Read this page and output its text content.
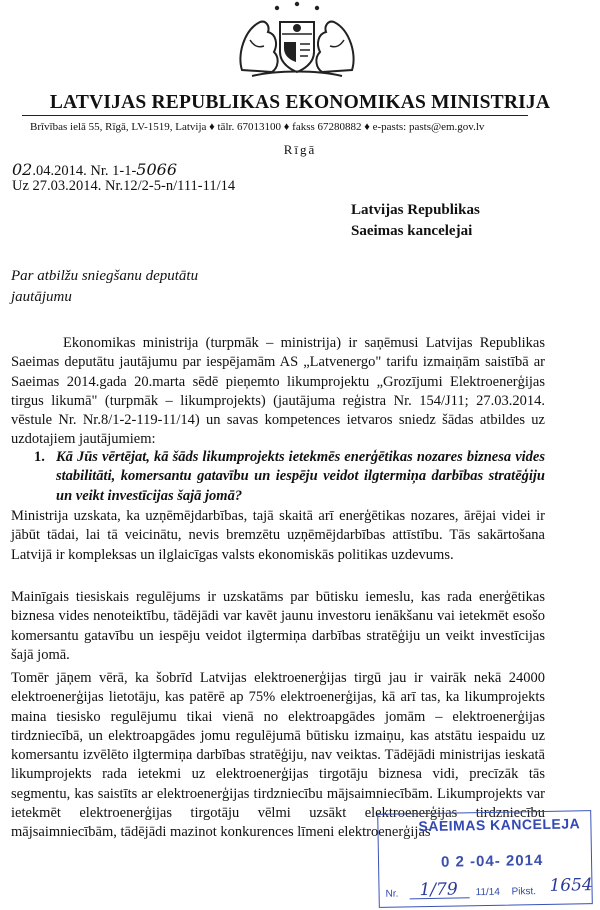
LATVIJAS REPUBLIKAS EKONOMIKAS MINISTRIJA
Brīvības ielā 55, Rīgā, LV-1519, Latvija ♦ tālr. 67013100 ♦ fakss 67280882 ♦ e-pasts: pasts@em.gov.lv
Rīgā
02.04.2014. Nr. 1-1-5066
Uz 27.03.2014. Nr.12/2-5-n/111-11/14
Latvijas Republikas
Saeimas kancelejai
Par atbilžu sniegšanu deputātu
jautājumu
Ekonomikas ministrija (turpmāk – ministrija) ir saņēmusi Latvijas Republikas Saeimas deputātu jautājumu par iespējamām AS „Latvenergo" tarifu izmaiņām saistībā ar Saeimas 2014.gada 20.marta sēdē pieņemto likumprojektu „Grozījumi Elektroenerģijas tirgus likumā" (turpmāk – likumprojekts) (jautājuma reģistra Nr. 154/J11; 27.03.2014. vēstule Nr. Nr.8/1-2-119-11/14) un savas kompetences ietvaros sniedz šādas atbildes uz uzdotajiem jautājumiem:
1. Kā Jūs vērtējat, kā šāds likumprojekts ietekmēs enerģētikas nozares biznesa vides stabilitāti, komersantu gatavību un iespēju veidot ilgtermiņa darbības stratēģiju un veikt investīcijas šajā jomā?
Ministrija uzskata, ka uzņēmējdarbības, tajā skaitā arī enerģētikas nozares, ārējai videi ir jābūt tādai, lai tā veicinātu, nevis bremzētu uzņēmējdarbības attīstību. Tās sakārtošana Latvijā ir kompleksas un ilglaicīgas valsts ekonomiskās politikas uzdevums.
Mainīgais tiesiskais regulējums ir uzskatāms par būtisku iemeslu, kas rada enerģētikas biznesa vides nenoteiktību, tādējādi var kavēt jaunu investoru ienākšanu vai ietekmēt esošo komersantu gatavību un iespēju veidot ilgtermiņa darbības stratēģiju un veikt investīcijas šajā jomā.
Tomēr jāņem vērā, ka šobrīd Latvijas elektroenerģijas tirgū jau ir vairāk nekā 24000 elektroenerģijas lietotāju, kas patērē ap 75% elektroenerģijas, kā arī tas, ka likumprojekts maina tiesisko regulējumu tikai vienā no elektroapgādes jomām – elektroenerģijas tirdzniecībā, un elektroapgādes jomu regulējumā būtisku izmaiņu, kas atstātu iespaidu uz komersantu izvēlēto ilgtermiņa darbības stratēģiju, nav veiktas. Tādējādi ministrijas ieskatā likumprojekts rada ietekmi uz elektroenerģijas tirgotāju biznesa vidi, precīzāk tās segmentu, kas saistīts ar elektroenerģijas tirdzniecību mājsaimniecībām. Likumprojekts var ietekmēt elektroenerģijas tirgotāju vēlmi uzsākt elektroenerģijas tirdzniecību mājsaimniecībām, tādējādi mazinot konkurences līmeni elektroenerģijas
SAEIMAS KANCELEJA
0 2 -04- 2014
Nr. 1/79 11/14 Pikst. 1654
